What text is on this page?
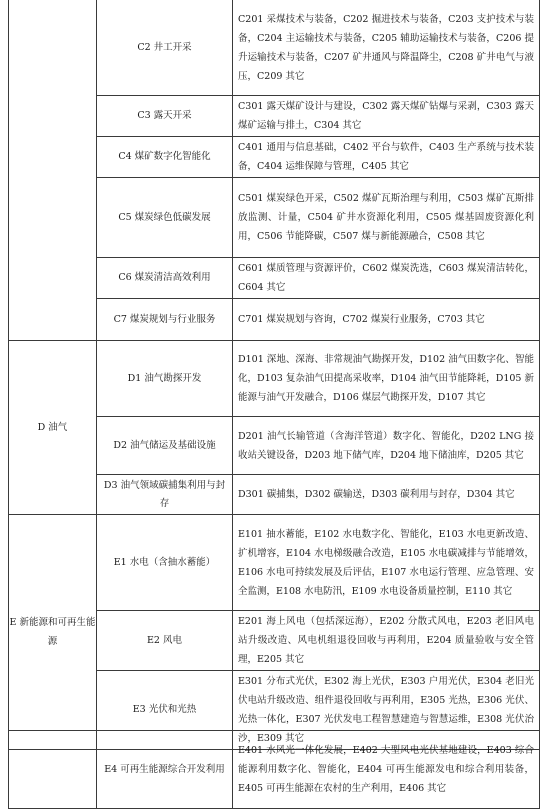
	C2 井工开采	C201 采煤技术与装备，C202 掘进技术与装备，C203 支护技术与装备，C204 主运输技术与装备，C205 辅助运输技术与装备，C206 提升运输技术与装备，C207 矿井通风与降温降尘，C208 矿井电气与液压，C209 其它
	C3 露天开采	C301 露天煤矿设计与建设，C302 露天煤矿钻爆与采剥，C303 露天煤矿运输与排土，C304 其它
	C4 煤矿数字化智能化	C401 通用与信息基础，C402 平台与软件，C403 生产系统与技术装备，C404 运维保障与管理，C405 其它
	C5 煤炭绿色低碳发展	C501 煤炭绿色开采，C502 煤矿瓦斯治理与利用，C503 煤矿瓦斯排放监测、计量，C504 矿井水资源化利用，C505 煤基固废资源化利用，C506 节能降碳，C507 煤与新能源融合，C508 其它
	C6 煤炭清洁高效利用	C601 煤质管理与资源评价，C602 煤炭洗选，C603 煤炭清洁转化，C604 其它
	C7 煤炭规划与行业服务	C701 煤炭规划与咨询，C702 煤炭行业服务，C703 其它
D 油气	D1 油气勘探开发	D101 深地、深海、非常规油气勘探开发，D102 油气田数字化、智能化，D103 复杂油气田提高采收率，D104 油气田节能降耗，D105 新能源与油气开发融合，D106 煤层气勘探开发，D107 其它
	D2 油气储运及基础设施	D201 油气长输管道（含海洋管道）数字化、智能化，D202 LNG 接收站关键设备，D203 地下储气库，D204 地下储油库，D205 其它
	D3 油气领域碳捕集利用与封存	D301 碳捕集，D302 碳输送，D303 碳利用与封存，D304 其它
E 新能源和可再生能源	E1 水电（含抽水蓄能）	E101 抽水蓄能，E102 水电数字化、智能化，E103 水电更新改造、扩机增容，E104 水电梯级融合改造，E105 水电碳减排与节能增效，E106 水电可持续发展及后评估，E107 水电运行管理、应急管理、安全监测，E108 水电防汛，E109 水电设备质量控制，E110 其它
	E2 风电	E201 海上风电（包括深远海），E202 分散式风电，E203 老旧风电站升级改造、风电机组退役回收与再利用，E204 质量验收与安全管理，E205 其它
	E3 光伏和光热	E301 分布式光伏，E302 海上光伏，E303 户用光伏，E304 老旧光伏电站升级改造、组件退役回收与再利用，E305 光热，E306 光伏、光热一体化，E307 光伏发电工程智慧建造与智慧运维，E308 光伏治沙，E309 其它
	E4 可再生能源综合开发利用	E401 水风光一体化发展，E402 大型风电光伏基地建设，E403 综合能源利用数字化、智能化，E404 可再生能源发电和综合利用装备，E405 可再生能源在农村的生产利用，E406 其它
